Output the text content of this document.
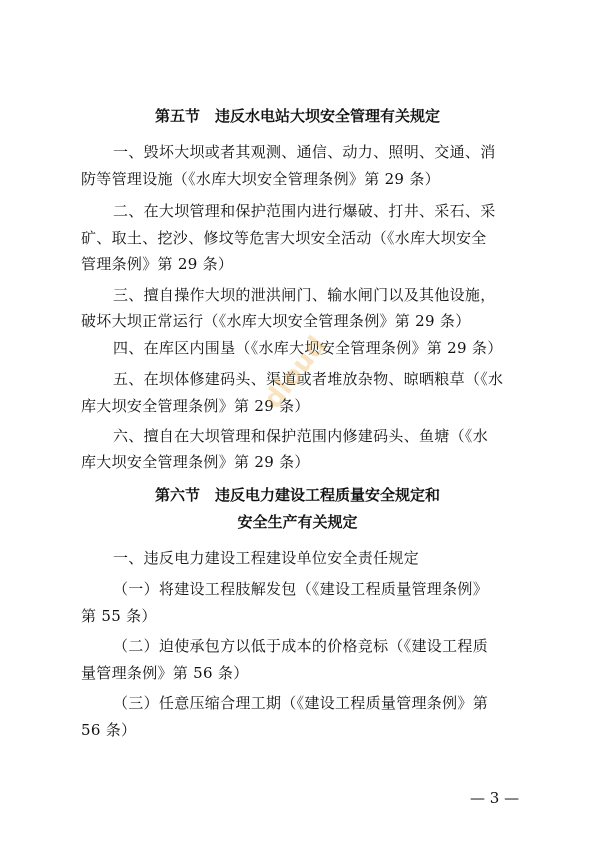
第五节　违反水电站大坝安全管理有关规定
一、毁坏大坝或者其观测、通信、动力、照明、交通、消
防等管理设施（《水库大坝安全管理条例》第 29 条）
二、在大坝管理和保护范围内进行爆破、打井、采石、采
矿、取土、挖沙、修坟等危害大坝安全活动（《水库大坝安全
管理条例》第 29 条）
三、擅自操作大坝的泄洪闸门、输水闸门以及其他设施，
破坏大坝正常运行（《水库大坝安全管理条例》第 29 条）
四、在库区内围垦（《水库大坝安全管理条例》第 29 条）
五、在坝体修建码头、渠道或者堆放杂物、晾晒粮草（《水
库大坝安全管理条例》第 29 条）
六、擅自在大坝管理和保护范围内修建码头、鱼塘（《水
库大坝安全管理条例》第 29 条）
第六节　违反电力建设工程质量安全规定和
安全生产有关规定
一、违反电力建设工程建设单位安全责任规定
（一）将建设工程肢解发包（《建设工程质量管理条例》
第 55 条）
（二）迫使承包方以低于成本的价格竞标（《建设工程质
量管理条例》第 56 条）
（三）任意压缩合理工期（《建设工程质量管理条例》第
56 条）
dloud
— 3 —
